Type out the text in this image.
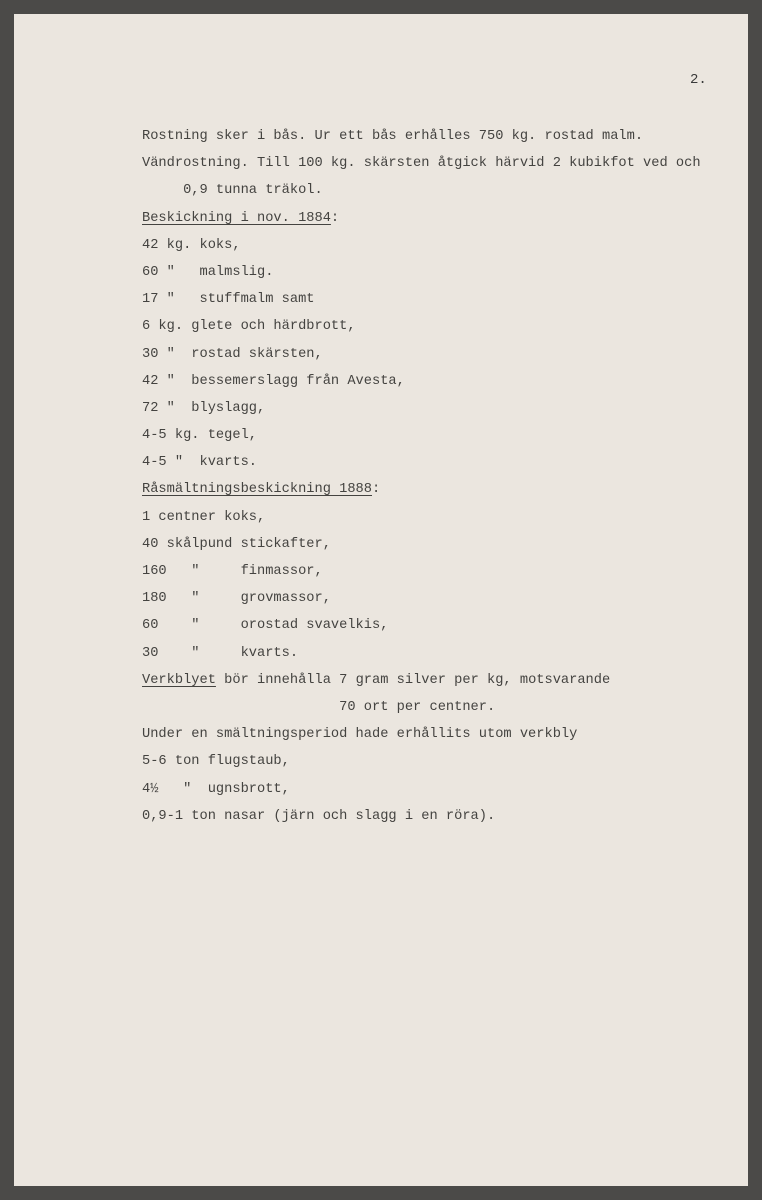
2.
Rostning sker i bås. Ur ett bås erhålles 750 kg. rostad malm.
Vändrostning. Till 100 kg. skärsten åtgick härvid 2 kubikfot ved och
0,9 tunna träkol.
Beskickning i nov. 1884:
42 kg. koks,
60 "   malmslig.
17 "   stuffmalm samt
6 kg. glete och härdbrott,
30 "  rostad skärsten,
42 "  bessemerslagg från Avesta,
72 "  blyslagg,
4-5 kg. tegel,
4-5 "  kvarts.
Råsmältningsbeskickning 1888:
1 centner koks,
40 skålpund stickafter,
160   "     finmassor,
180   "     grovmassor,
60    "     orostad svavelkis,
30    "     kvarts.
Verkblyet bör innehålla 7 gram silver per kg, motsvarande
70 ort per centner.
Under en smältningsperiod hade erhållits utom verkbly
5-6 ton flugstaub,
4½   "  ugnsbrott,
0,9-1 ton nasar (järn och slagg i en röra).
